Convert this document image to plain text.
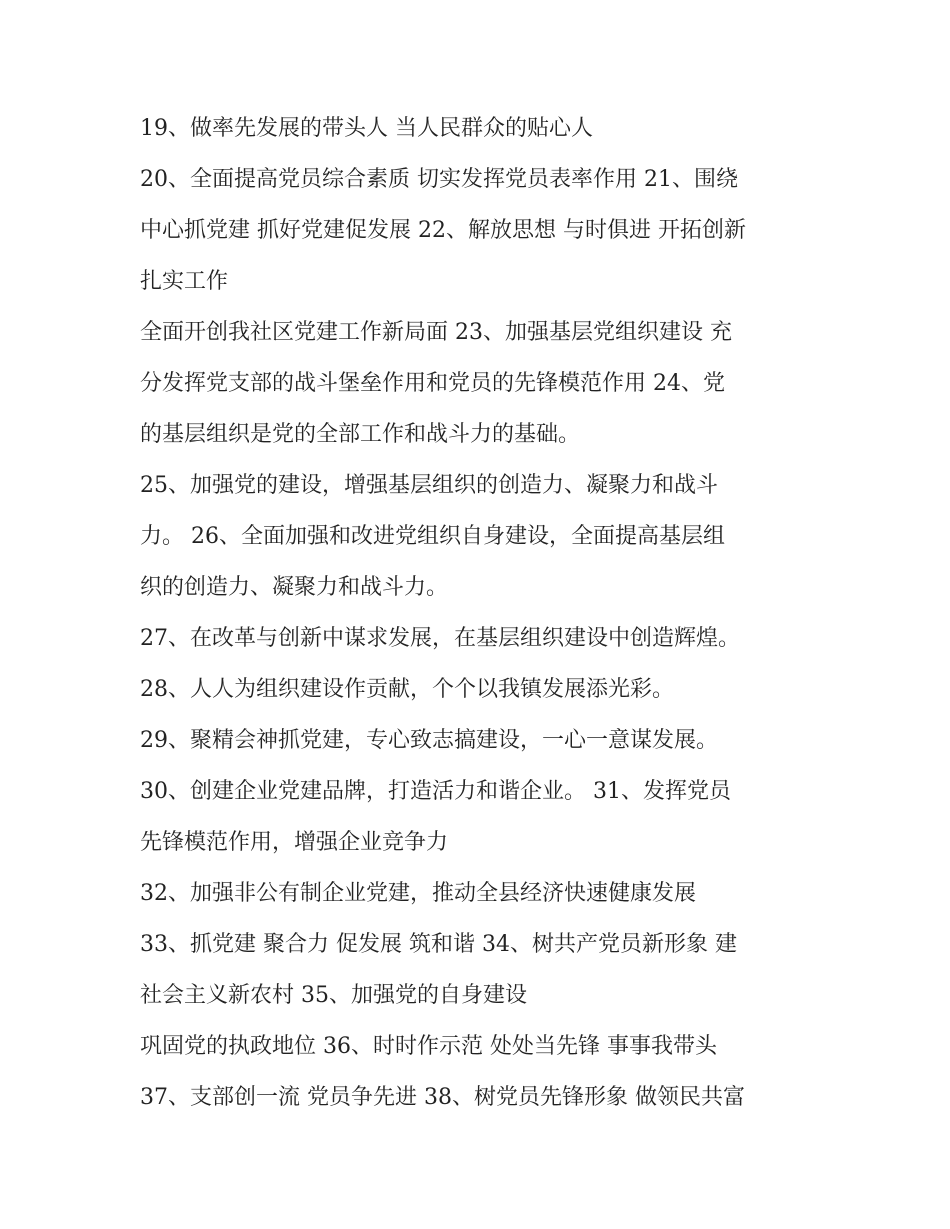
19、做率先发展的带头人 当人民群众的贴心人
20、全面提高党员综合素质 切实发挥党员表率作用 21、围绕
中心抓党建 抓好党建促发展 22、解放思想 与时俱进 开拓创新
扎实工作
全面开创我社区党建工作新局面 23、加强基层党组织建设 充
分发挥党支部的战斗堡垒作用和党员的先锋模范作用 24、党
的基层组织是党的全部工作和战斗力的基础。
25、加强党的建设，增强基层组织的创造力、凝聚力和战斗
力。 26、全面加强和改进党组织自身建设，全面提高基层组
织的创造力、凝聚力和战斗力。
27、在改革与创新中谋求发展，在基层组织建设中创造辉煌。
28、人人为组织建设作贡献，个个以我镇发展添光彩。
29、聚精会神抓党建，专心致志搞建设，一心一意谋发展。
30、创建企业党建品牌，打造活力和谐企业。 31、发挥党员
先锋模范作用，增强企业竞争力
32、加强非公有制企业党建，推动全县经济快速健康发展
33、抓党建 聚合力 促发展 筑和谐 34、树共产党员新形象 建
社会主义新农村 35、加强党的自身建设
巩固党的执政地位 36、时时作示范 处处当先锋 事事我带头
37、支部创一流 党员争先进 38、树党员先锋形象 做领民共富
